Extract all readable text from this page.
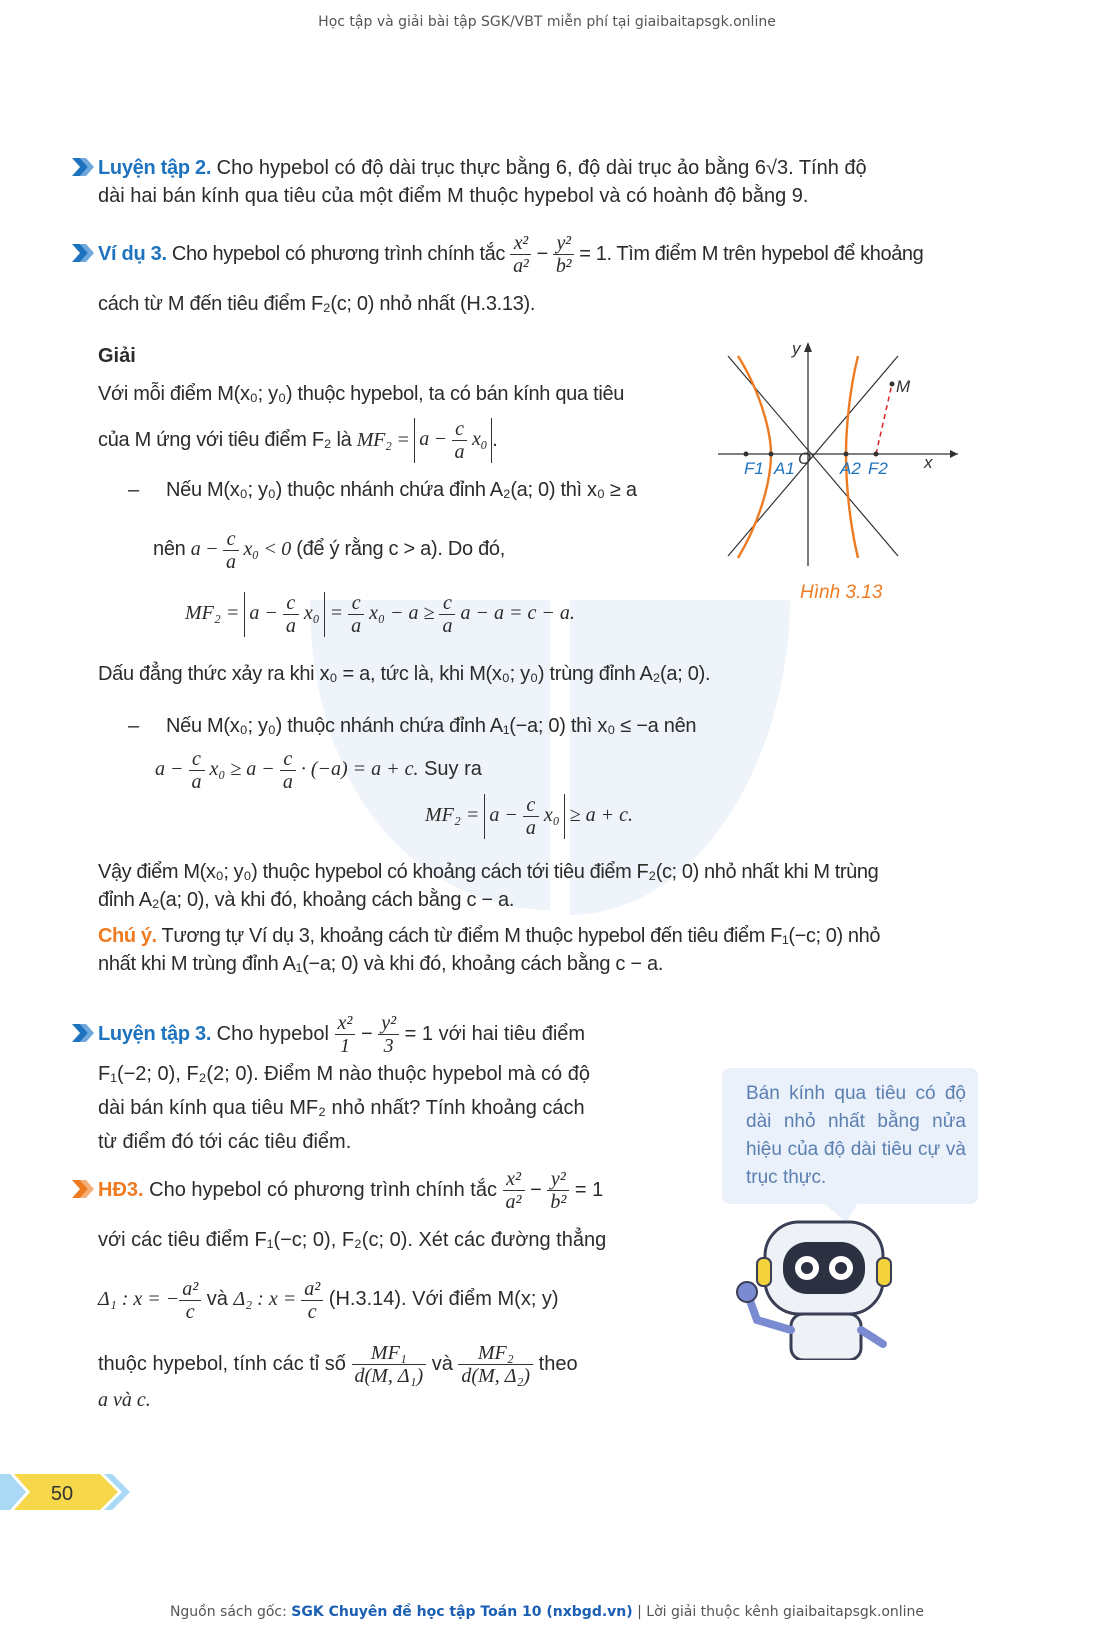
Học tập và giải bài tập SGK/VBT miễn phí tại giaibaitapsgk.online
Luyện tập 2. Cho hypebol có độ dài trục thực bằng 6, độ dài trục ảo bằng 6√3. Tính độ
dài hai bán kính qua tiêu của một điểm M thuộc hypebol và có hoành độ bằng 9.
Ví dụ 3. Cho hypebol có phương trình chính tắc $\frac{\text{x²}}{\text{a²}} - \frac{\text{y²}}{\text{b²}} = 1$. Tìm điểm M trên hypebol để khoảng
cách từ M đến tiêu điểm F₂(c; 0) nhỏ nhất (H.3.13).
Giải
Với mỗi điểm M(x₀; y₀) thuộc hypebol, ta có bán kính qua tiêu
của M ứng với tiêu điểm F₂ là $MF_2 = a - \frac{c}{a} x_0$ .
– Nếu M(x₀; y₀) thuộc nhánh chứa đỉnh A₂(a; 0) thì x₀ ≥ a
nên $a - \frac{c}{a} x_0 < 0$ (để ý rằng c > a). Do đó,
$MF_2 = a - \frac{c}{a} x_0 = \frac{c}{a} x_0 - a \ge \frac{c}{a}$ a − a = c − a.
Dấu đẳng thức xảy ra khi x₀ = a, tức là, khi M(x₀; y₀) trùng đỉnh A₂(a; 0).
– Nếu M(x₀; y₀) thuộc nhánh chứa đỉnh A₁(−a; 0) thì x₀ ≤ −a nên
$a - \frac{c}{a} x_0 \ge a - \frac{c}{a} \cdot (-a) = a + c$. Suy ra
$MF_2 = a - \frac{c}{a} x_0 \ge a + c$.
Vậy điểm M(x₀; y₀) thuộc hypebol có khoảng cách tới tiêu điểm F₂(c; 0) nhỏ nhất khi M trùng
đỉnh A₂(a; 0), và khi đó, khoảng cách bằng c − a.
Chú ý. Tương tự Ví dụ 3, khoảng cách từ điểm M thuộc hypebol đến tiêu điểm F₁(−c; 0) nhỏ
nhất khi M trùng đỉnh A₁(−a; 0) và khi đó, khoảng cách bằng c − a.
y
x
O
M
F1 A1	A2 F2
Hình 3.13
Luyện tập 3. Cho hypebol $\frac{\text{x²}}{1} - \frac{\text{y²}}{3} = 1$ với hai tiêu điểm
F₁(−2; 0), F₂(2; 0). Điểm M nào thuộc hypebol mà có độ
dài bán kính qua tiêu MF₂ nhỏ nhất? Tính khoảng cách
từ điểm đó tới các tiêu điểm.
HĐ3. Cho hypebol có phương trình chính tắc $\frac{\text{x²}}{\text{a²}} - \frac{\text{y²}}{\text{b²}} = 1$
với các tiêu điểm F₁(−c; 0), F₂(c; 0). Xét các đường thẳng
Δ₁ : x = − $\frac{\text{a²}}{c}$ và Δ₂ : $x = \frac{\text{a²}}{c} (H.3.14)$. Với điểm M(x; y)
thuộc hypebol, tính các tỉ số $\frac{\text{MF₁}}{\text{d(M, Δ₁)}}$ và $\frac{\text{MF₂}}{\text{d(M, Δ₂)}}$ theo
a và c.
Bán kính qua tiêu có độ dài nhỏ nhất bằng nửa hiệu của độ dài tiêu cự và trục thực.
50
Nguồn sách gốc: SGK Chuyên đề học tập Toán 10 (nxbgd.vn) | Lời giải thuộc kênh giaibaitapsgk.online
